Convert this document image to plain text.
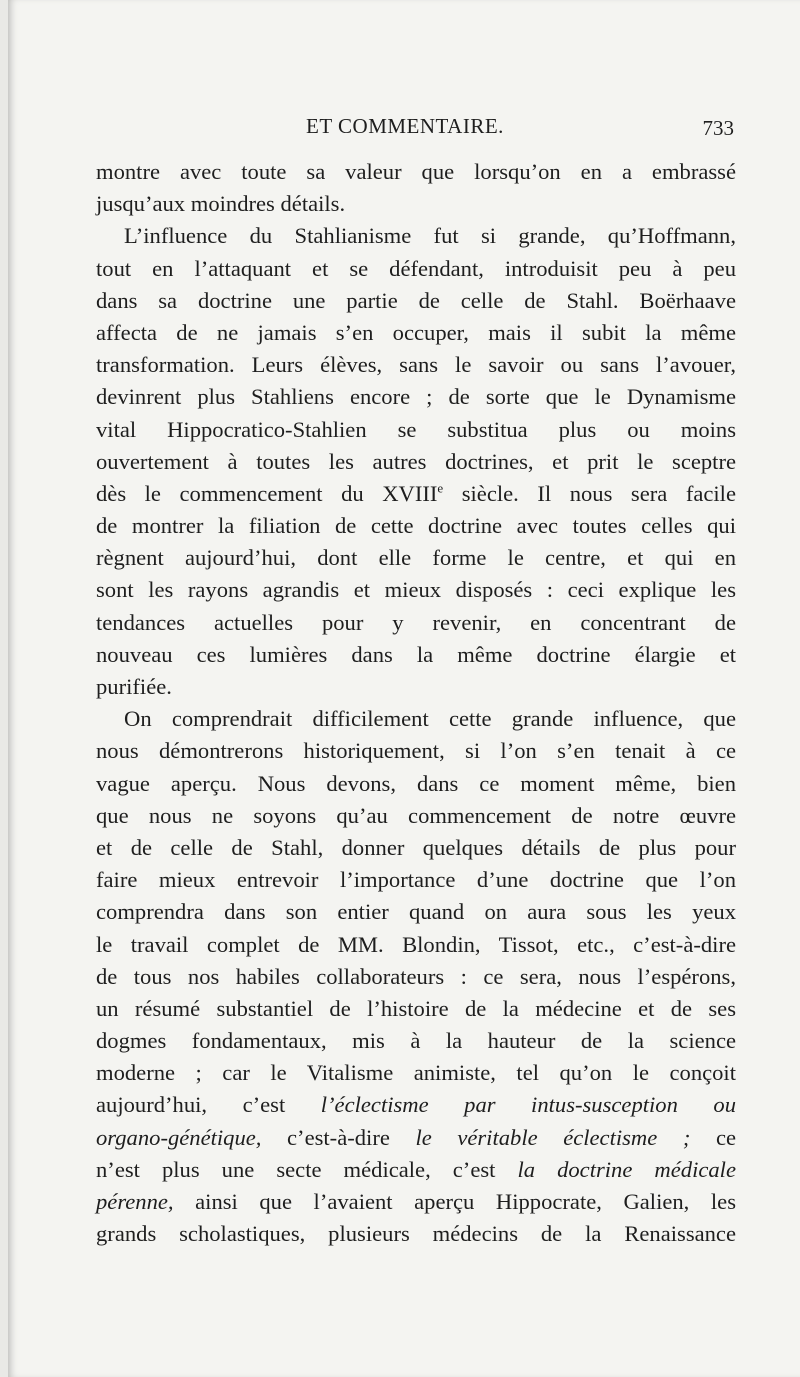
ET COMMENTAIRE.	733
montre avec toute sa valeur que lorsqu’on en a embrassé
jusqu’aux moindres détails.
L’influence du Stahlianisme fut si grande, qu’Hoffmann,
tout en l’attaquant et se défendant, introduisit peu à peu
dans sa doctrine une partie de celle de Stahl. Boërhaave
affecta de ne jamais s’en occuper, mais il subit la même
transformation. Leurs élèves, sans le savoir ou sans l’avouer,
devinrent plus Stahliens encore ; de sorte que le Dynamisme
vital Hippocratico-Stahlien se substitua plus ou moins
ouvertement à toutes les autres doctrines, et prit le sceptre
dès le commencement du XVIIIe siècle. Il nous sera facile
de montrer la filiation de cette doctrine avec toutes celles qui
règnent aujourd’hui, dont elle forme le centre, et qui en
sont les rayons agrandis et mieux disposés : ceci explique les
tendances actuelles pour y revenir, en concentrant de
nouveau ces lumières dans la même doctrine élargie et
purifiée.
On comprendrait difficilement cette grande influence, que
nous démontrerons historiquement, si l’on s’en tenait à ce
vague aperçu. Nous devons, dans ce moment même, bien
que nous ne soyons qu’au commencement de notre œuvre
et de celle de Stahl, donner quelques détails de plus pour
faire mieux entrevoir l’importance d’une doctrine que l’on
comprendra dans son entier quand on aura sous les yeux
le travail complet de MM. Blondin, Tissot, etc., c’est-à-dire
de tous nos habiles collaborateurs : ce sera, nous l’espérons,
un résumé substantiel de l’histoire de la médecine et de ses
dogmes fondamentaux, mis à la hauteur de la science
moderne ; car le Vitalisme animiste, tel qu’on le conçoit
aujourd’hui, c’est l’éclectisme par intus-susception ou
organo-génétique, c’est-à-dire le véritable éclectisme ; ce
n’est plus une secte médicale, c’est la doctrine médicale
pérenne, ainsi que l’avaient aperçu Hippocrate, Galien, les
grands scholastiques, plusieurs médecins de la Renaissance
